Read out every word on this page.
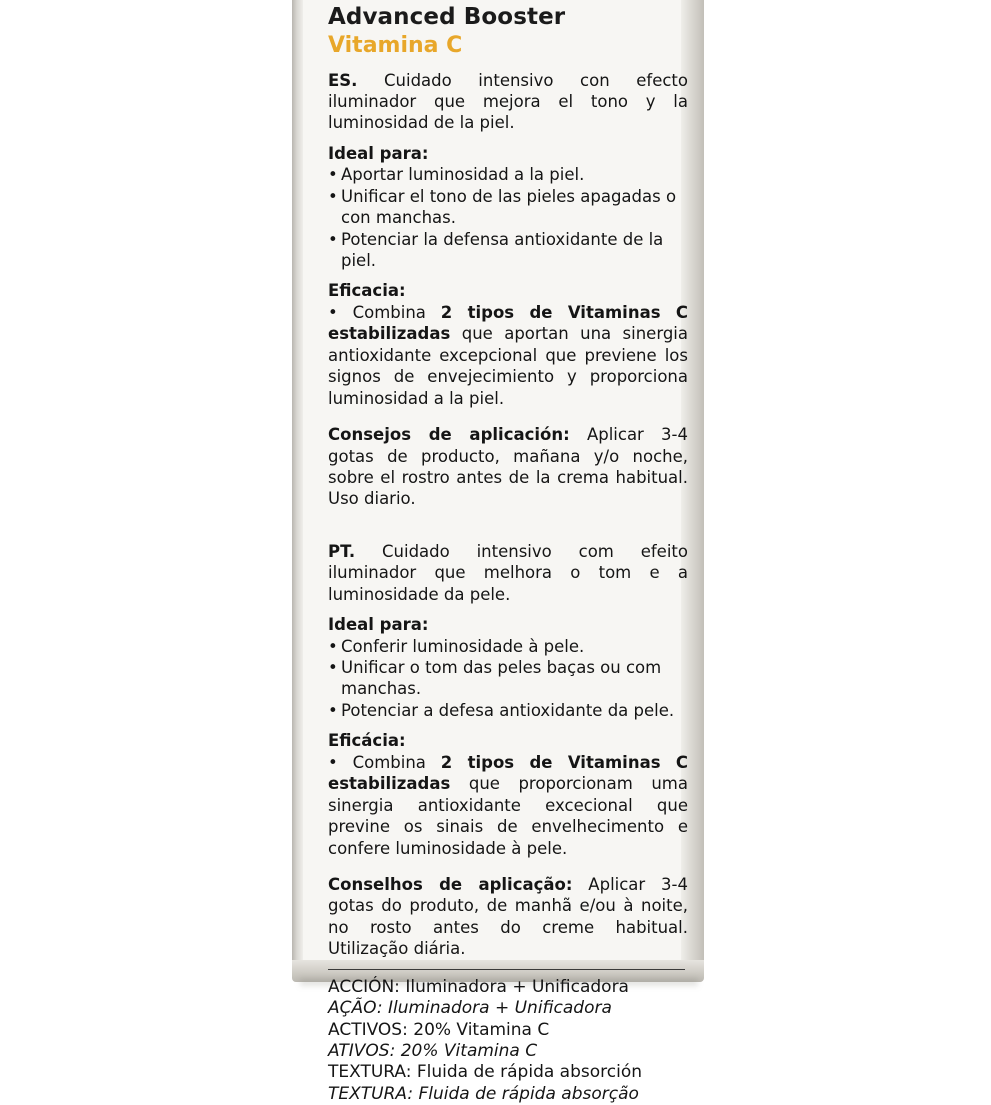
Advanced Booster
Vitamina C

ES. Cuidado intensivo con efecto iluminador que mejora el tono y la luminosidad de la piel.

Ideal para:

• Aportar luminosidad a la piel.
• Unificar el tono de las pieles apagadas o con manchas.
• Potenciar la defensa antioxidante de la piel.

Eficacia:

• Combina 2 tipos de Vitaminas C estabilizadas que aportan una sinergia antioxidante excepcional que previene los signos de envejecimiento y proporciona luminosidad a la piel.

Consejos de aplicación: Aplicar 3-4 gotas de producto, mañana y/o noche, sobre el rostro antes de la crema habitual. Uso diario.

PT. Cuidado intensivo com efeito iluminador que melhora o tom e a luminosidade da pele.

Ideal para:

• Conferir luminosidade à pele.
• Unificar o tom das peles baças ou com manchas.
• Potenciar a defesa antioxidante da pele.

Eficácia:

• Combina 2 tipos de Vitaminas C estabilizadas que proporcionam uma sinergia antioxidante excecional que previne os sinais de envelhecimento e confere luminosidade à pele.

Conselhos de aplicação: Aplicar 3-4 gotas do produto, de manhã e/ou à noite, no rosto antes do creme habitual. Utilização diária.

ACCIÓN: Iluminadora + Unificadora
AÇÃO: Iluminadora + Unificadora
ACTIVOS: 20% Vitamina C
ATIVOS: 20% Vitamina C
TEXTURA: Fluida de rápida absorción
TEXTURA: Fluida de rápida absorção
